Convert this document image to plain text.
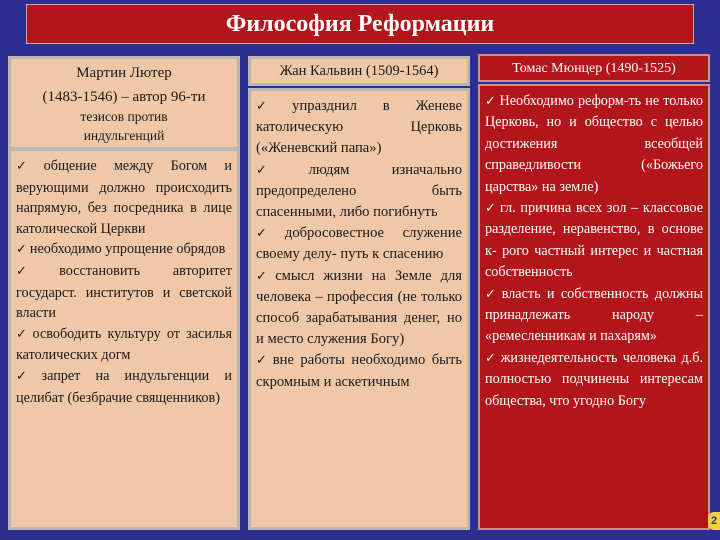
Философия Реформации
Мартин Лютер
(1483-1546) – автор 96-ти
тезисов против
индульгенций

✓ общение между Богом и верующими должно происходить напрямую, без посредника в лице католической Церкви

✓ необходимо упрощение обрядов

✓ восстановить авторитет государст. институтов и светской власти

✓ освободить культуру от засилья католических догм

✓ запрет на индульгенции и целибат (безбрачие священников)

Жан Кальвин (1509-1564)

✓ упразднил в Женеве католическую Церковь («Женевский папа»)

✓ людям изначально предопределено быть спасенными, либо погибнуть

✓ добросовестное служение своему делу- путь к спасению

✓ смысл жизни на Земле для человека – профессия (не только способ зарабатывания денег, но и место служения Богу)

✓ вне работы необходимо быть скромным и аскетичным

Томас Мюнцер (1490-1525)

✓ Необходимо реформ-ть не только Церковь, но и общество с целью достижения всеобщей справедливости («Божьего царства» на земле)

✓ гл. причина всех зол – классовое разделение, неравенство, в основе к- рого частный интерес и частная собственность

✓ власть и собственность должны принадлежать народу – «ремесленникам и пахарям»

✓ жизнедеятельность человека д.б. полностью подчинены интересам общества, что угодно Богу

2
